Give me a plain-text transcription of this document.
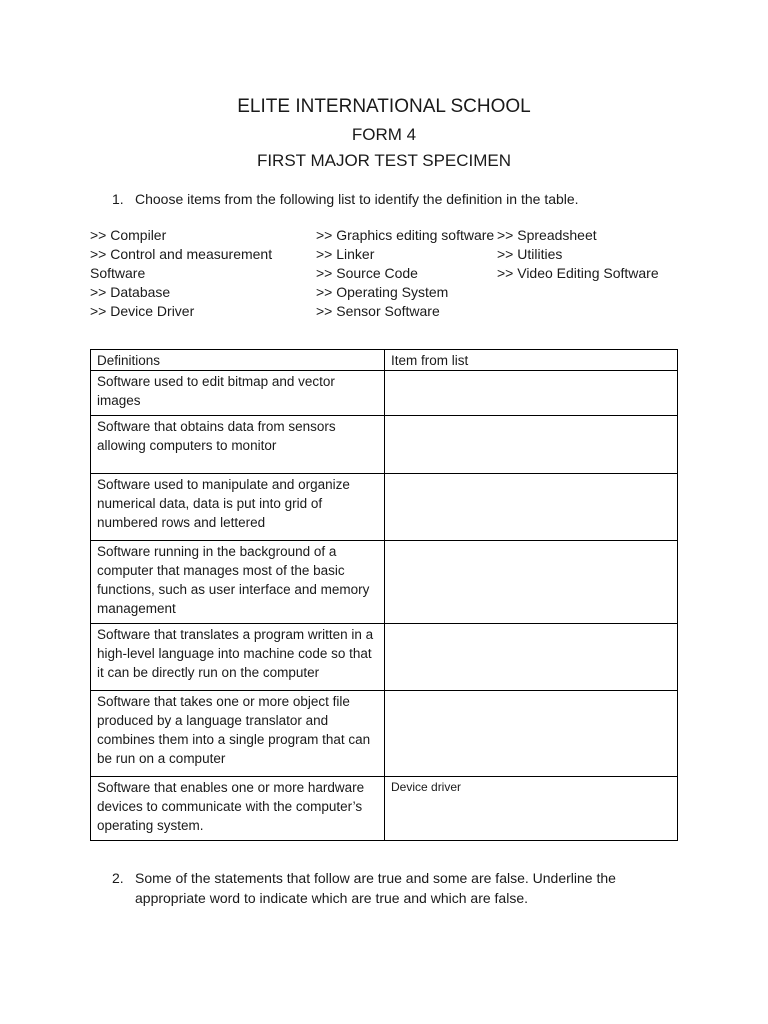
ELITE INTERNATIONAL SCHOOL
FORM 4
FIRST MAJOR TEST SPECIMEN
1. Choose items from the following list to identify the definition in the table.
>> Compiler
>> Control and measurement Software
>> Database
>> Device Driver
>> Graphics editing software
>> Linker
>> Source Code
>> Operating System
>> Sensor Software
>> Spreadsheet
>> Utilities
>> Video Editing Software
Definitions	Item from list
Software used to edit bitmap and vector images	
Software that obtains data from sensors allowing computers to monitor	
Software used to manipulate and organize numerical data, data is put into grid of numbered rows and lettered	
Software running in the background of a computer that manages most of the basic functions, such as user interface and memory management	
Software that translates a program written in a high-level language into machine code so that it can be directly run on the computer	
Software that takes one or more object file produced by a language translator and combines them into a single program that can be run on a computer	
Software that enables one or more hardware devices to communicate with the computer’s operating system.	Device driver
2. Some of the statements that follow are true and some are false. Underline the appropriate word to indicate which are true and which are false.
